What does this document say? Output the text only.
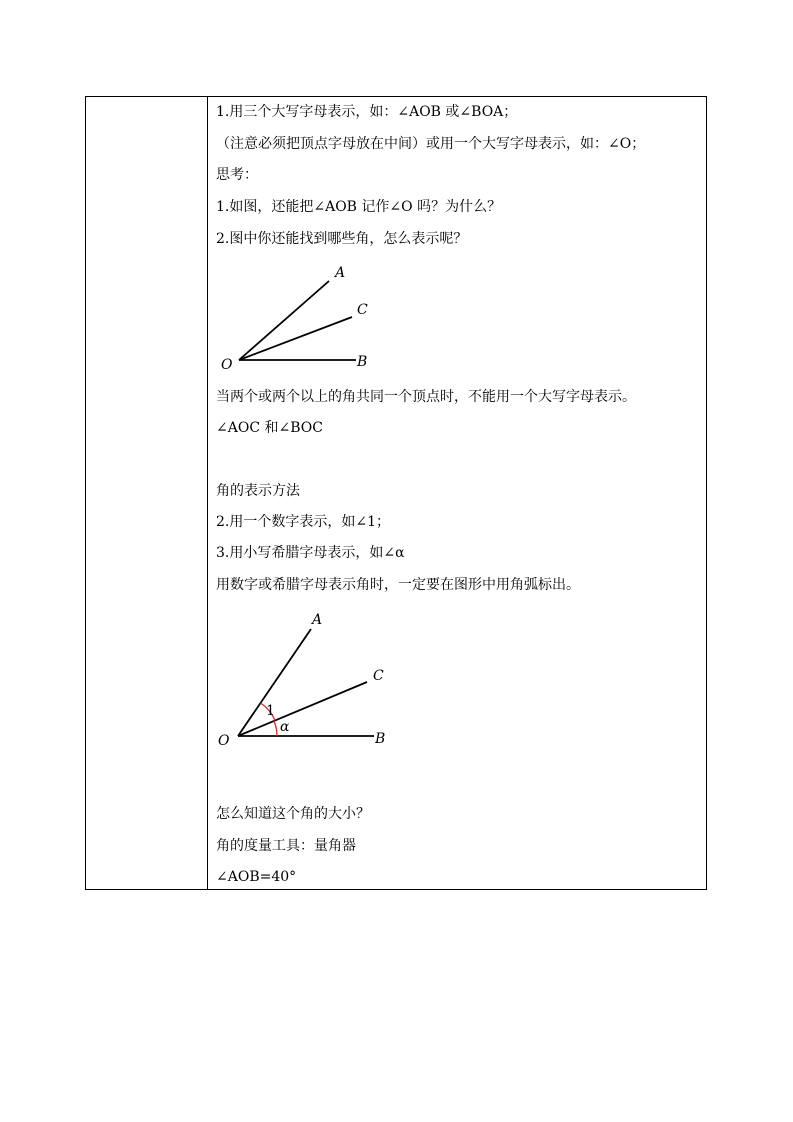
1.用三个大写字母表示，如：∠AOB 或∠BOA；
（注意必须把顶点字母放在中间）或用一个大写字母表示，如：∠O；
思考：
1.如图，还能把∠AOB 记作∠O 吗？为什么？
2.图中你还能找到哪些角，怎么表示呢？
A
C
B
O
当两个或两个以上的角共同一个顶点时，不能用一个大写字母表示。
∠AOC 和∠BOC
角的表示方法
2.用一个数字表示，如∠1；
3.用小写希腊字母表示，如∠α
用数字或希腊字母表示角时，一定要在图形中用角弧标出。
A
C
B
O
1
α
怎么知道这个角的大小？
角的度量工具：量角器
∠AOB=40°
